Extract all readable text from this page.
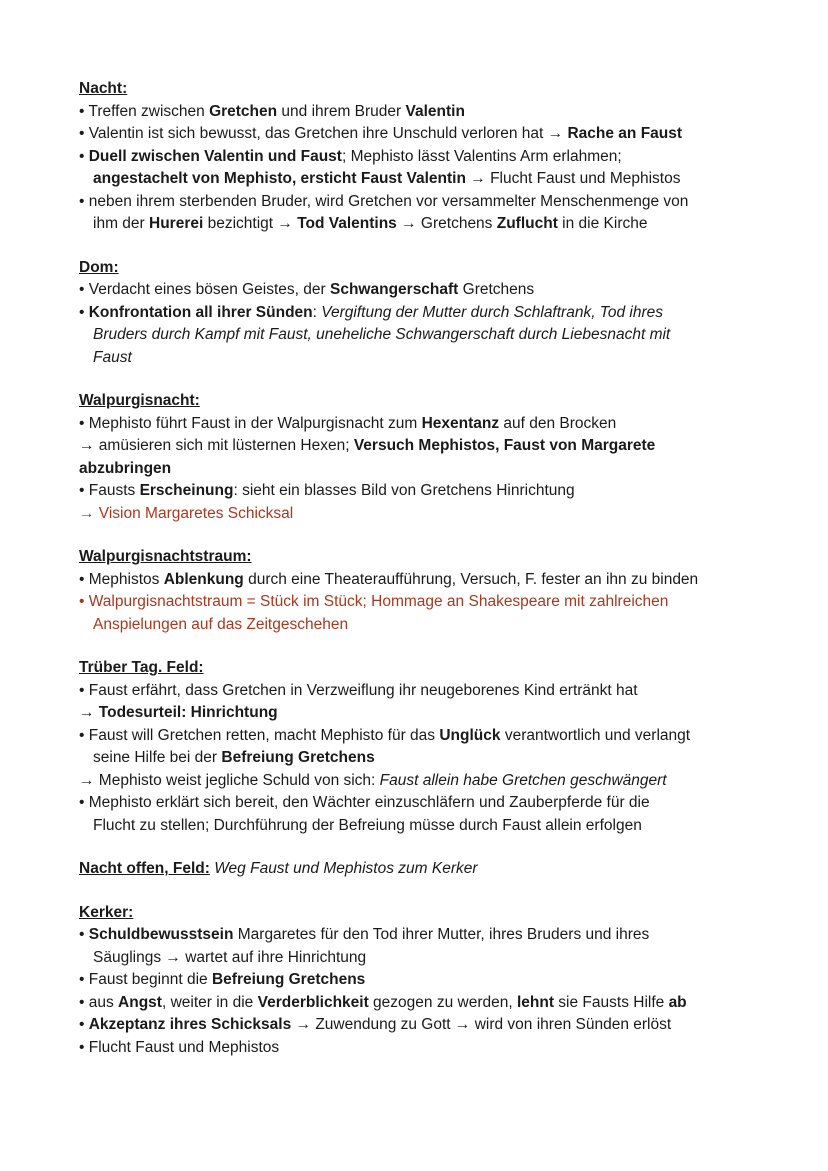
Nacht:
• Treffen zwischen Gretchen und ihrem Bruder Valentin
• Valentin ist sich bewusst, das Gretchen ihre Unschuld verloren hat → Rache an Faust
• Duell zwischen Valentin und Faust; Mephisto lässt Valentins Arm erlahmen;
angestachelt von Mephisto, ersticht Faust Valentin → Flucht Faust und Mephistos
• neben ihrem sterbenden Bruder, wird Gretchen vor versammelter Menschenmenge von
ihm der Hurerei bezichtigt → Tod Valentins → Gretchens Zuflucht in die Kirche
Dom:
• Verdacht eines bösen Geistes, der Schwangerschaft Gretchens
• Konfrontation all ihrer Sünden: Vergiftung der Mutter durch Schlaftrank, Tod ihres
Bruders durch Kampf mit Faust, uneheliche Schwangerschaft durch Liebesnacht mit
Faust
Walpurgisnacht:
• Mephisto führt Faust in der Walpurgisnacht zum Hexentanz auf den Brocken
→ amüsieren sich mit lüsternen Hexen; Versuch Mephistos, Faust von Margarete
abzubringen
• Fausts Erscheinung: sieht ein blasses Bild von Gretchens Hinrichtung
→ Vision Margaretes Schicksal
Walpurgisnachtstraum:
• Mephistos Ablenkung durch eine Theateraufführung, Versuch, F. fester an ihn zu binden
• Walpurgisnachtstraum = Stück im Stück; Hommage an Shakespeare mit zahlreichen
Anspielungen auf das Zeitgeschehen
Trüber Tag. Feld:
• Faust erfährt, dass Gretchen in Verzweiflung ihr neugeborenes Kind ertränkt hat
→ Todesurteil: Hinrichtung
• Faust will Gretchen retten, macht Mephisto für das Unglück verantwortlich und verlangt
seine Hilfe bei der Befreiung Gretchens
→ Mephisto weist jegliche Schuld von sich: Faust allein habe Gretchen geschwängert
• Mephisto erklärt sich bereit, den Wächter einzuschläfern und Zauberpferde für die
Flucht zu stellen; Durchführung der Befreiung müsse durch Faust allein erfolgen
Nacht offen, Feld: Weg Faust und Mephistos zum Kerker
Kerker:
• Schuldbewusstsein Margaretes für den Tod ihrer Mutter, ihres Bruders und ihres
Säuglings → wartet auf ihre Hinrichtung
• Faust beginnt die Befreiung Gretchens
• aus Angst, weiter in die Verderblichkeit gezogen zu werden, lehnt sie Fausts Hilfe ab
• Akzeptanz ihres Schicksals → Zuwendung zu Gott → wird von ihren Sünden erlöst
• Flucht Faust und Mephistos
